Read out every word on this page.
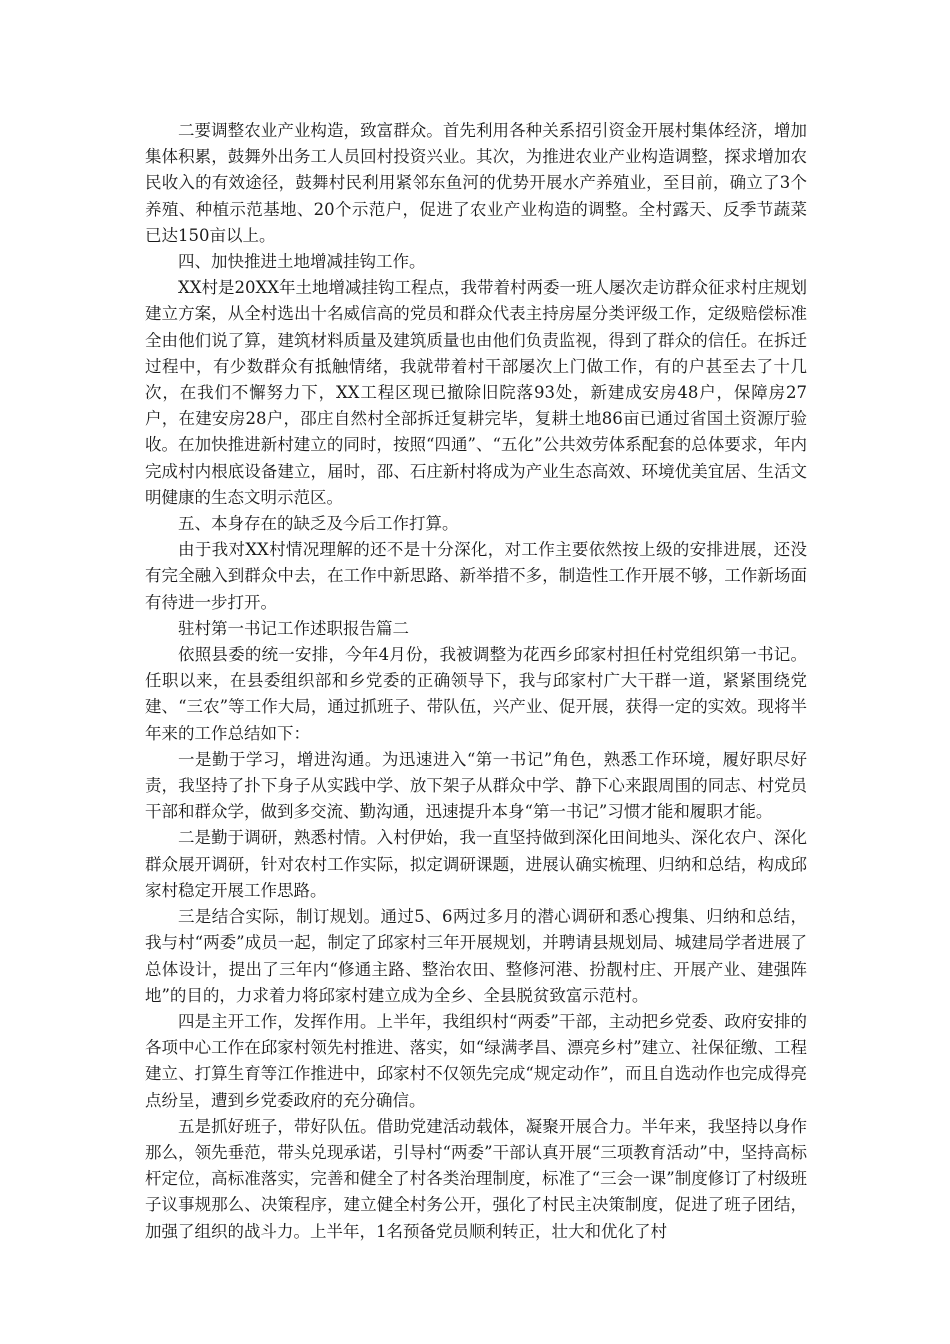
二要调整农业产业构造，致富群众。首先利用各种关系招引资金开展村集体经济，增加集体积累，鼓舞外出务工人员回村投资兴业。其次，为推进农业产业构造调整，探求增加农民收入的有效途径，鼓舞村民利用紧邻东鱼河的优势开展水产养殖业，至目前，确立了3个养殖、种植示范基地、20个示范户，促进了农业产业构造的调整。全村露天、反季节蔬菜已达150亩以上。

四、加快推进土地增减挂钩工作。

XX村是20XX年土地增减挂钩工程点，我带着村两委一班人屡次走访群众征求村庄规划建立方案，从全村选出十名威信高的党员和群众代表主持房屋分类评级工作，定级赔偿标准全由他们说了算，建筑材料质量及建筑质量也由他们负责监视，得到了群众的信任。在拆迁过程中，有少数群众有抵触情绪，我就带着村干部屡次上门做工作，有的户甚至去了十几次，在我们不懈努力下，XX工程区现已撤除旧院落93处，新建成安房48户，保障房27户，在建安房28户，邵庄自然村全部拆迁复耕完毕，复耕土地86亩已通过省国土资源厅验收。在加快推进新村建立的同时，按照“四通”、“五化”公共效劳体系配套的总体要求，年内完成村内根底设备建立，届时，邵、石庄新村将成为产业生态高效、环境优美宜居、生活文明健康的生态文明示范区。

五、本身存在的缺乏及今后工作打算。

由于我对XX村情况理解的还不是十分深化，对工作主要依然按上级的安排进展，还没有完全融入到群众中去，在工作中新思路、新举措不多，制造性工作开展不够，工作新场面有待进一步打开。

驻村第一书记工作述职报告篇二

依照县委的统一安排，今年4月份，我被调整为花西乡邱家村担任村党组织第一书记。任职以来，在县委组织部和乡党委的正确领导下，我与邱家村广大干群一道，紧紧围绕党建、“三农”等工作大局，通过抓班子、带队伍，兴产业、促开展，获得一定的实效。现将半年来的工作总结如下：

一是勤于学习，增进沟通。为迅速进入“第一书记”角色，熟悉工作环境，履好职尽好责，我坚持了扑下身子从实践中学、放下架子从群众中学、静下心来跟周围的同志、村党员干部和群众学，做到多交流、勤沟通，迅速提升本身“第一书记”习惯才能和履职才能。

二是勤于调研，熟悉村情。入村伊始，我一直坚持做到深化田间地头、深化农户、深化群众展开调研，针对农村工作实际，拟定调研课题，进展认确实梳理、归纳和总结，构成邱家村稳定开展工作思路。

三是结合实际，制订规划。通过5、6两过多月的潜心调研和悉心搜集、归纳和总结，我与村“两委”成员一起，制定了邱家村三年开展规划，并聘请县规划局、城建局学者进展了总体设计，提出了三年内“修通主路、整治农田、整修河港、扮靓村庄、开展产业、建强阵地”的目的，力求着力将邱家村建立成为全乡、全县脱贫致富示范村。

四是主开工作，发挥作用。上半年，我组织村“两委”干部，主动把乡党委、政府安排的各项中心工作在邱家村领先村推进、落实，如“绿满孝昌、漂亮乡村”建立、社保征缴、工程建立、打算生育等江作推进中，邱家村不仅领先完成“规定动作”，而且自选动作也完成得亮点纷呈，遭到乡党委政府的充分确信。

五是抓好班子，带好队伍。借助党建活动载体，凝聚开展合力。半年来，我坚持以身作那么，领先垂范，带头兑现承诺，引导村“两委”干部认真开展“三项教育活动”中，坚持高标杆定位，高标准落实，完善和健全了村各类治理制度，标准了“三会一课”制度修订了村级班子议事规那么、决策程序，建立健全村务公开，强化了村民主决策制度，促进了班子团结，加强了组织的战斗力。上半年，1名预备党员顺利转正，壮大和优化了村
